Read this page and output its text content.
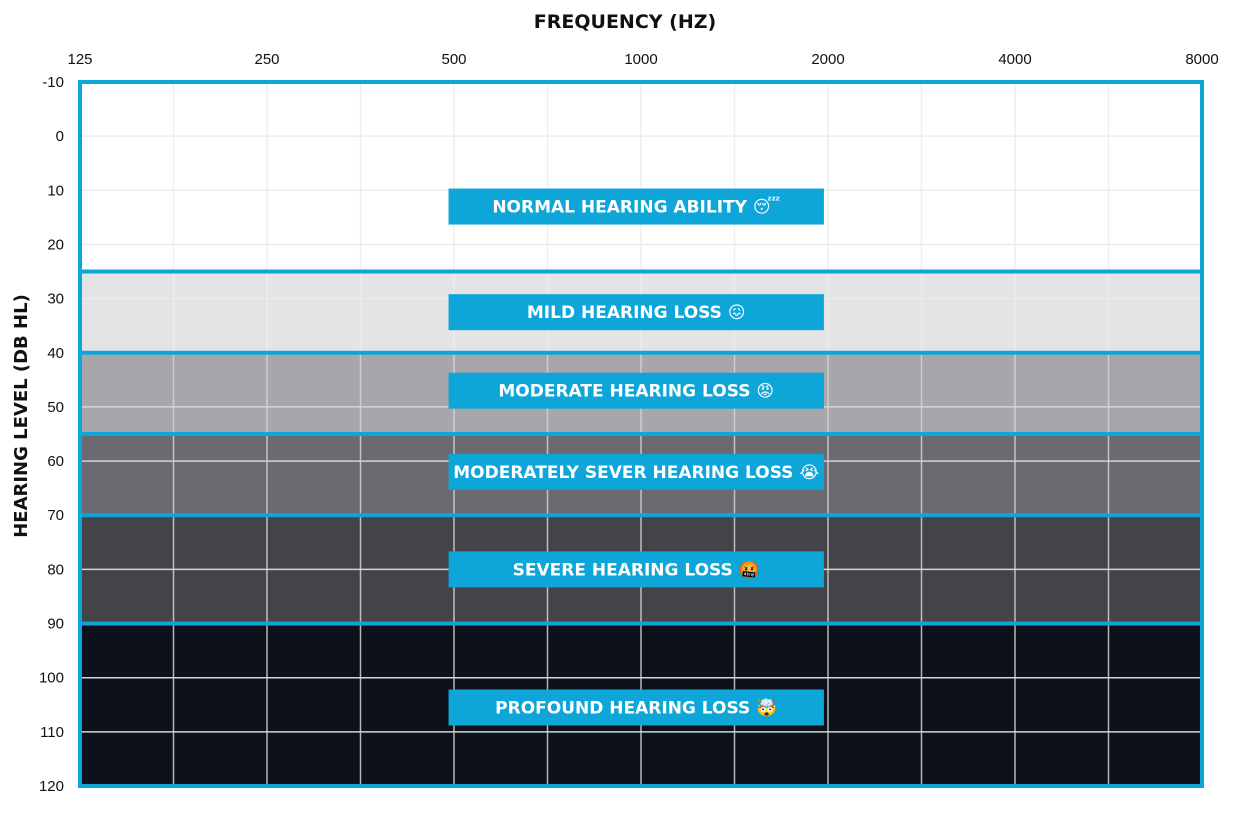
NORMAL HEARING ABILITY 😴
MILD HEARING LOSS 😖
MODERATE HEARING LOSS 😡
MODERATELY SEVER HEARING LOSS 😭
SEVERE HEARING LOSS 🤬
PROFOUND HEARING LOSS 🤯
125	250	500	1000	2000	4000	8000
-10
0
10
20
30
40
50
60
70
80
90
100
110
120
FREQUENCY (HZ)
HEARING LEVEL (DB HL)
